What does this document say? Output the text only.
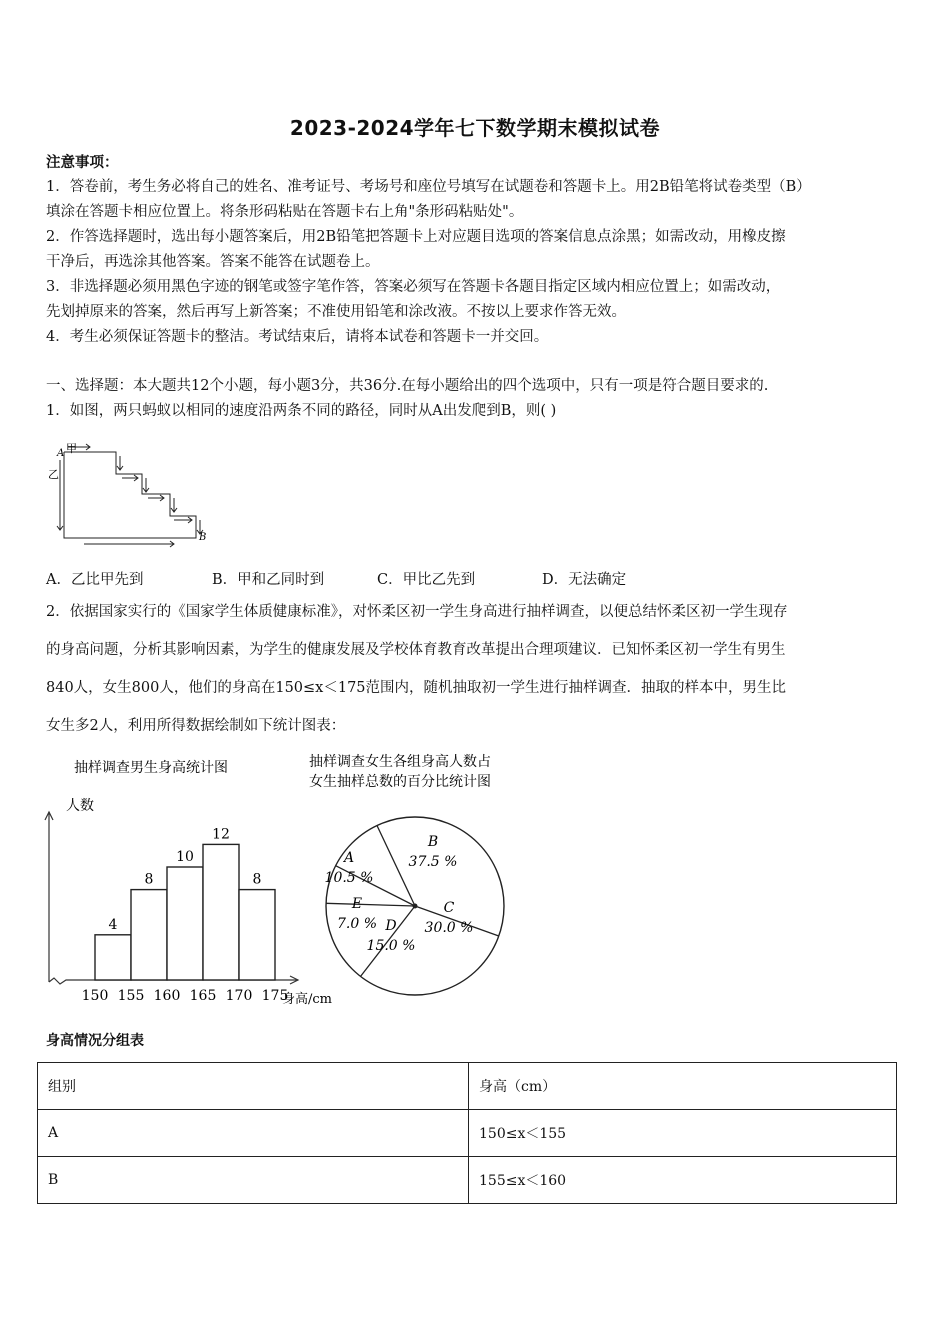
2023-2024学年七下数学期末模拟试卷
注意事项：
1．答卷前，考生务必将自己的姓名、准考证号、考场号和座位号填写在试题卷和答题卡上。用2B铅笔将试卷类型（B）
填涂在答题卡相应位置上。将条形码粘贴在答题卡右上角"条形码粘贴处"。
2．作答选择题时，选出每小题答案后，用2B铅笔把答题卡上对应题目选项的答案信息点涂黑；如需改动，用橡皮擦
干净后，再选涂其他答案。答案不能答在试题卷上。
3．非选择题必须用黑色字迹的钢笔或签字笔作答，答案必须写在答题卡各题目指定区域内相应位置上；如需改动，
先划掉原来的答案，然后再写上新答案；不准使用铅笔和涂改液。不按以上要求作答无效。
4．考生必须保证答题卡的整洁。考试结束后，请将本试卷和答题卡一并交回。
一、选择题：本大题共12个小题，每小题3分，共36分.在每小题给出的四个选项中，只有一项是符合题目要求的.
1．如图，两只蚂蚁以相同的速度沿两条不同的路径，同时从A出发爬到B，则( )
甲
A
乙
B
A．乙比甲先到	B．甲和乙同时到	C．甲比乙先到	D．无法确定
2．依据国家实行的《国家学生体质健康标准》，对怀柔区初一学生身高进行抽样调查，以便总结怀柔区初一学生现存
的身高问题，分析其影响因素，为学生的健康发展及学校体育教育改革提出合理项建议．已知怀柔区初一学生有男生
840人，女生800人，他们的身高在150≤x＜175范围内，随机抽取初一学生进行抽样调查．抽取的样本中，男生比
女生多2人，利用所得数据绘制如下统计图表：
抽样调查男生身高统计图
人数
4
8
10
12
8
150 155 160 165 170 175
身高/cm
抽样调查女生各组身高人数占
女生抽样总数的百分比统计图
A
10.5 %
B
37.5 %
C
30.0 %
D
15.0 %
E
7.0 %
身高情况分组表
组别	身高（cm）
A	150≤x＜155
B	155≤x＜160
